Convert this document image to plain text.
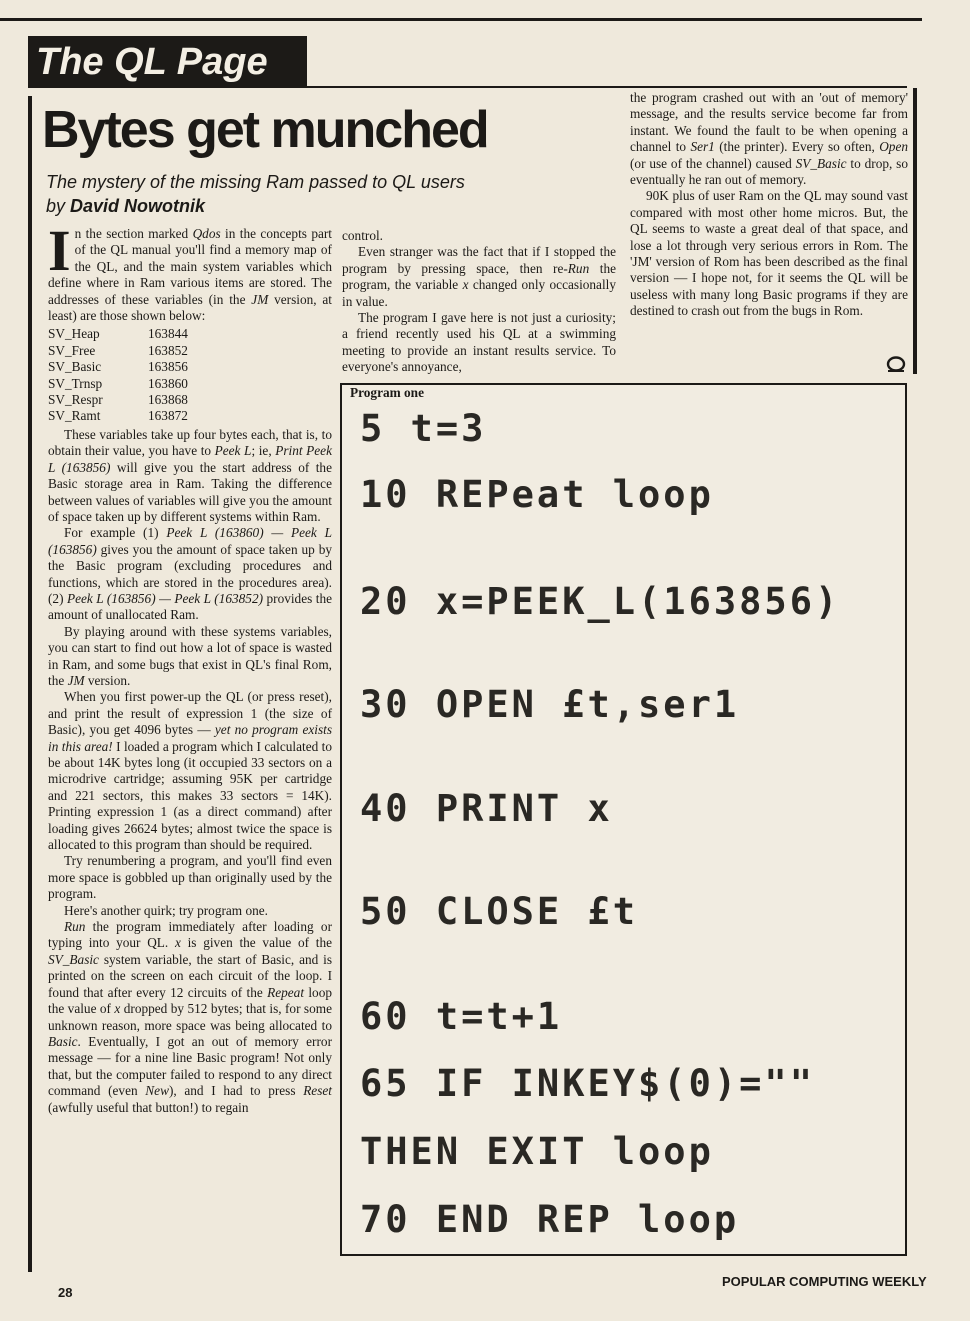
The QL Page
Bytes get munched

The mystery of the missing Ram passed to QL users
by David Nowotnik

In the section marked Qdos in the concepts part of the QL manual you'll find a memory map of the QL, and the main system variables which define where in Ram various items are stored. The addresses of these variables (in the JM version, at least) are those shown below:

SV_Heap	163844
SV_Free	163852
SV_Basic	163856
SV_Trnsp	163860
SV_Respr	163868
SV_Ramt	163872

These variables take up four bytes each, that is, to obtain their value, you have to Peek L; ie, Print Peek L (163856) will give you the start address of the Basic storage area in Ram. Taking the difference between values of variables will give you the amount of space taken up by different systems within Ram.

For example (1) Peek L (163860) — Peek L (163856) gives you the amount of space taken up by the Basic program (excluding procedures and functions, which are stored in the procedures area). (2) Peek L (163856) — Peek L (163852) provides the amount of unallocated Ram.

By playing around with these systems variables, you can start to find out how a lot of space is wasted in Ram, and some bugs that exist in QL's final Rom, the JM version.

When you first power-up the QL (or press reset), and print the result of expression 1 (the size of Basic), you get 4096 bytes — yet no program exists in this area! I loaded a program which I calculated to be about 14K bytes long (it occupied 33 sectors on a microdrive cartridge; assuming 95K per cartridge and 221 sectors, this makes 33 sectors = 14K). Printing expression 1 (as a direct command) after loading gives 26624 bytes; almost twice the space is allocated to this program than should be required.

Try renumbering a program, and you'll find even more space is gobbled up than originally used by the program.

Here's another quirk; try program one.

Run the program immediately after loading or typing into your QL. x is given the value of the SV_Basic system variable, the start of Basic, and is printed on the screen on each circuit of the loop. I found that after every 12 circuits of the Repeat loop the value of x dropped by 512 bytes; that is, for some unknown reason, more space was being allocated to Basic. Eventually, I got an out of memory error message — for a nine line Basic program! Not only that, but the computer failed to respond to any direct command (even New), and I had to press Reset (awfully useful that button!) to regain

control.

Even stranger was the fact that if I stopped the program by pressing space, then re-Run the program, the variable x changed only occasionally in value.

The program I gave here is not just a curiosity; a friend recently used his QL at a swimming meeting to provide an instant results service. To everyone's annoyance,

the program crashed out with an 'out of memory' message, and the results service become far from instant. We found the fault to be when opening a channel to Ser1 (the printer). Every so often, Open (or use of the channel) caused SV_Basic to drop, so eventually he ran out of memory.

90K plus of user Ram on the QL may sound vast compared with most other home micros. But, the QL seems to waste a great deal of that space, and lose a lot through very serious errors in Rom. The 'JM' version of Rom has been described as the final version — I hope not, for it seems the QL will be useless with many long Basic programs if they are destined to crash out from the bugs in Rom.

Program one
5 t=3
10 REPeat loop
20 x=PEEK_L(163856)
30 OPEN £t,ser1
40 PRINT x
50 CLOSE £t
60 t=t+1
65 IF INKEY$(0)=""
THEN EXIT loop
70 END REP loop
28
POPULAR COMPUTING WEEKLY
